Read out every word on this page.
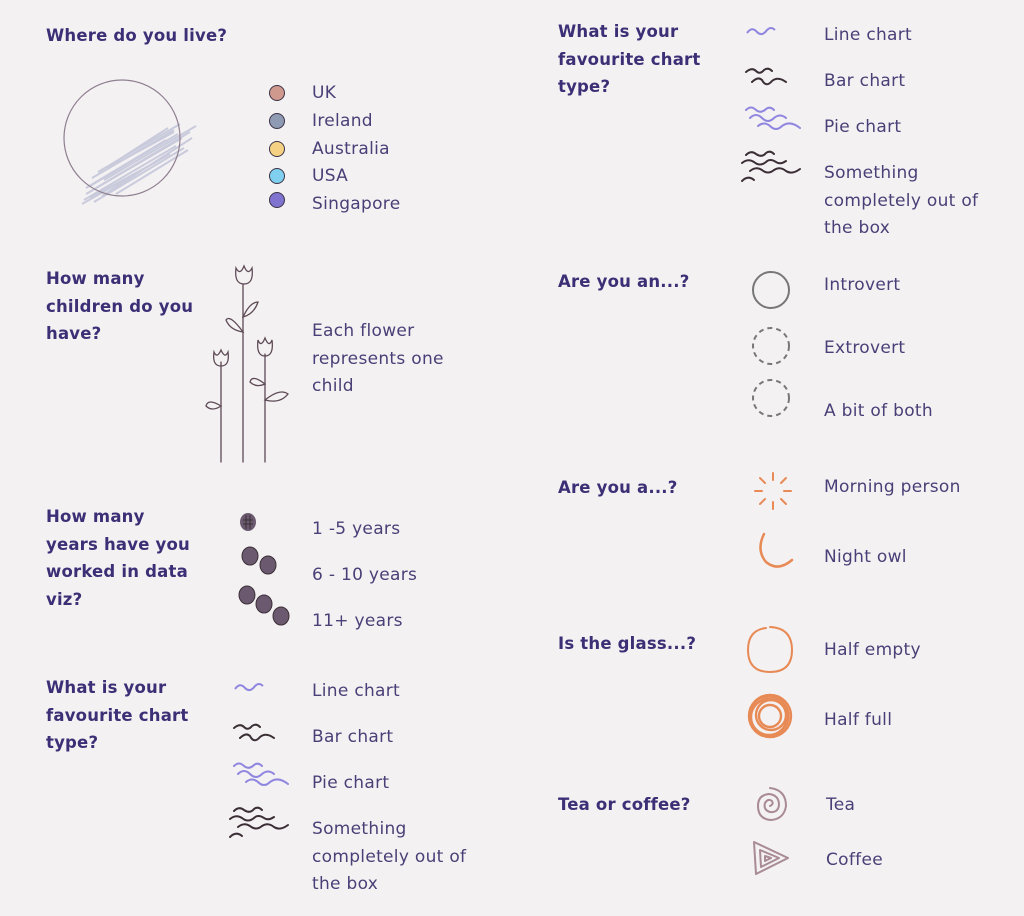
Where do you live?
UK
Ireland
Australia
USA
Singapore
How many children do you have?	Each flower represents one child
How many years have you worked in data viz?
1 -5 years
6 - 10 years
11+ years
What is your favourite chart type?
Line chart
Bar chart
Pie chart
Something completely out of the box
What is your favourite chart type?
Line chart
Bar chart
Pie chart
Something completely out of the box
Are you an...?	Introvert
Extrovert
A bit of both
Are you a...?	Morning person
Night owl
Is the glass...?	Half empty
Half full
Tea or coffee?	Tea
Coffee
